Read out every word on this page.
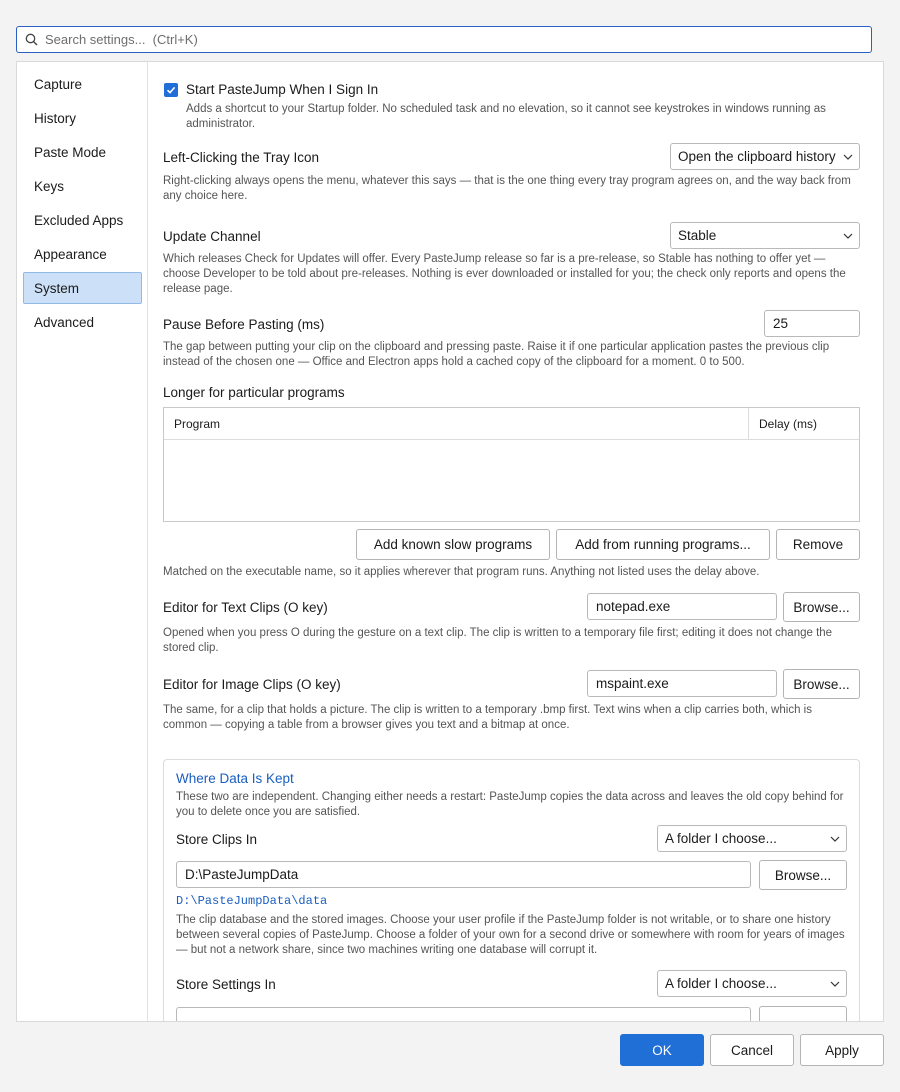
Search settings... (Ctrl+K)
Capture
History
Paste Mode
Keys
Excluded Apps
Appearance
System
Advanced
Start PasteJump When I Sign In
Adds a shortcut to your Startup folder. No scheduled task and no elevation, so it cannot see keystrokes in windows running as administrator.
Left-Clicking the Tray Icon	Open the clipboard history
Right-clicking always opens the menu, whatever this says — that is the one thing every tray program agrees on, and the way back from any choice here.
Update Channel	Stable
Which releases Check for Updates will offer. Every PasteJump release so far is a pre-release, so Stable has nothing to offer yet — choose Developer to be told about pre-releases. Nothing is ever downloaded or installed for you; the check only reports and opens the release page.
Pause Before Pasting (ms)	25
The gap between putting your clip on the clipboard and pressing paste. Raise it if one particular application pastes the previous clip instead of the chosen one — Office and Electron apps hold a cached copy of the clipboard for a moment. 0 to 500.
Longer for particular programs
Program	Delay (ms)
Add known slow programs	Add from running programs...	Remove
Matched on the executable name, so it applies wherever that program runs. Anything not listed uses the delay above.
Editor for Text Clips (O key)	notepad.exe	Browse...
Opened when you press O during the gesture on a text clip. The clip is written to a temporary file first; editing it does not change the stored clip.
Editor for Image Clips (O key)	mspaint.exe	Browse...
The same, for a clip that holds a picture. The clip is written to a temporary .bmp first. Text wins when a clip carries both, which is common — copying a table from a browser gives you text and a bitmap at once.
Where Data Is Kept
These two are independent. Changing either needs a restart: PasteJump copies the data across and leaves the old copy behind for you to delete once you are satisfied.
Store Clips In	A folder I choose...
D:\PasteJumpData	Browse...
D:\PasteJumpData\data
The clip database and the stored images. Choose your user profile if the PasteJump folder is not writable, or to share one history between several copies of PasteJump. Choose a folder of your own for a second drive or somewhere with room for years of images — but not a network share, since two machines writing one database will corrupt it.
Store Settings In	A folder I choose...
OK	Cancel	Apply
